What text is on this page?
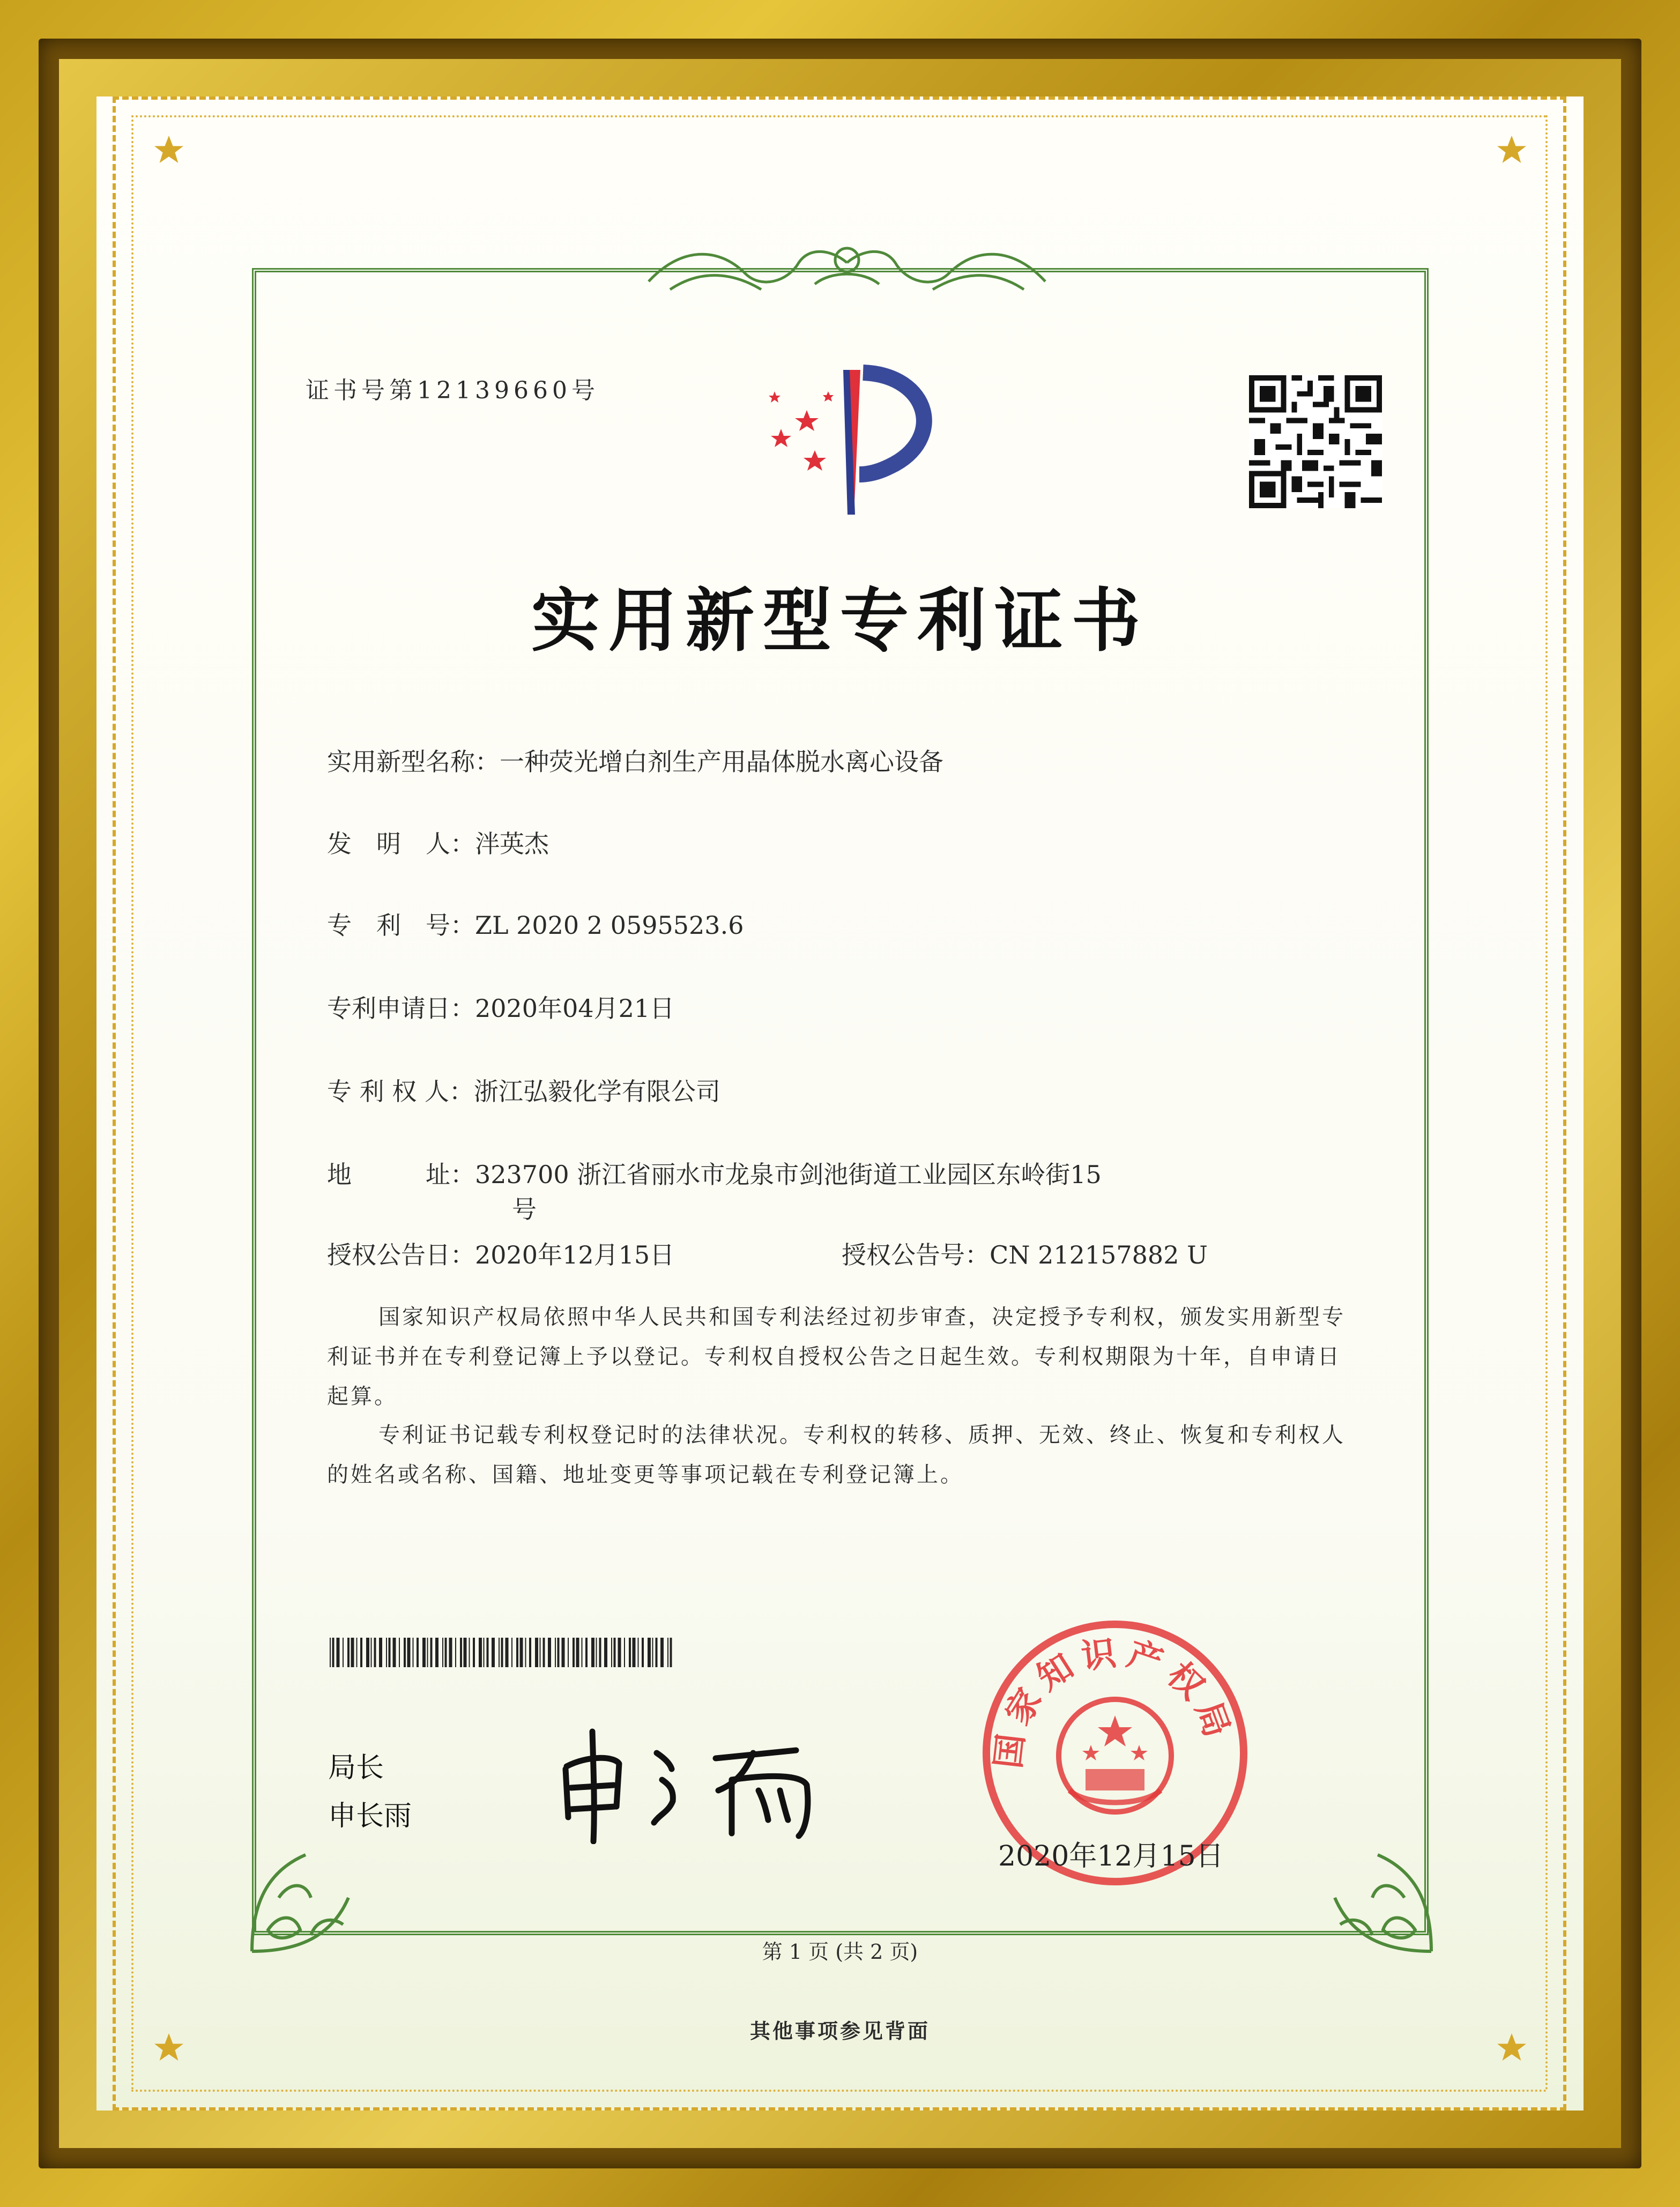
证书号第12139660号
实用新型专利证书
实用新型名称：一种荧光增白剂生产用晶体脱水离心设备
发　明　人：泮英杰
专　利　号：ZL 2020 2 0595523.6
专利申请日：2020年04月21日
专 利 权 人：浙江弘毅化学有限公司
地　　　址：323700 浙江省丽水市龙泉市剑池街道工业园区东岭街15
号
授权公告日：2020年12月15日	授权公告号：CN 212157882 U
国家知识产权局依照中华人民共和国专利法经过初步审查，决定授予专利权，颁发实用新型专利证书并在专利登记簿上予以登记。专利权自授权公告之日起生效。专利权期限为十年，自申请日起算。
专利证书记载专利权登记时的法律状况。专利权的转移、质押、无效、终止、恢复和专利权人的姓名或名称、国籍、地址变更等事项记载在专利登记簿上。
局长
申长雨
国家知识产权局
2020年12月15日
第 1 页 (共 2 页)
其他事项参见背面
